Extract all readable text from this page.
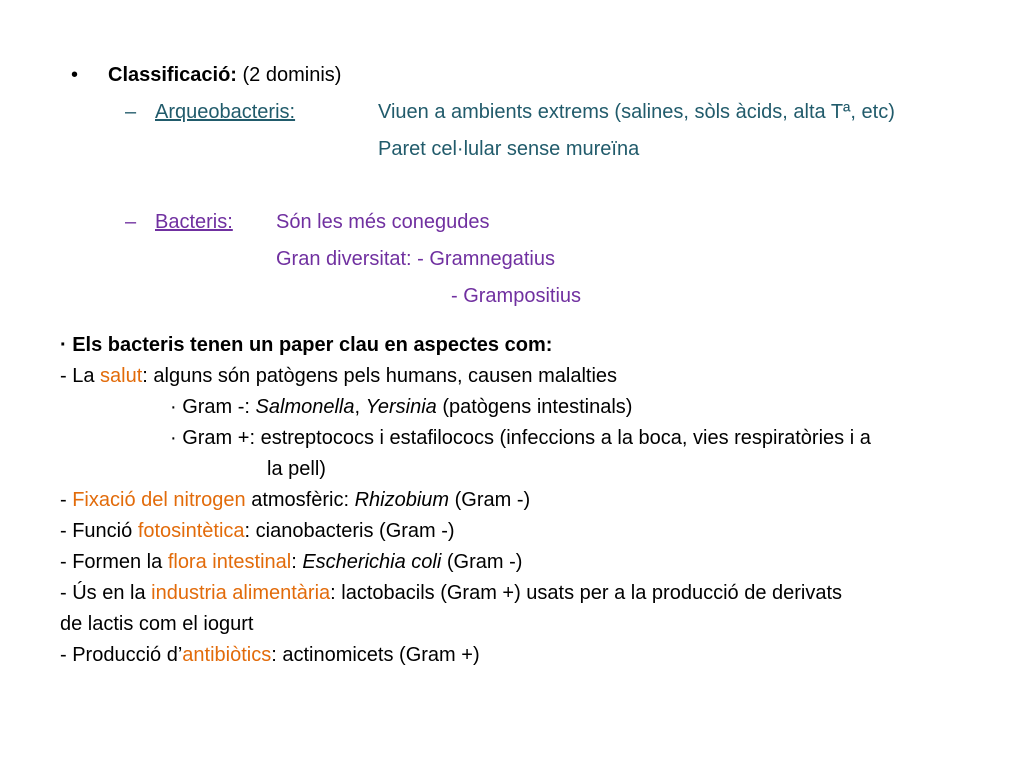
• Classificació: (2 dominis)
– Arqueobacteris:	Viuen a ambients extrems (salines, sòls àcids, alta Tª, etc)
Paret cel·lular sense mureïna
– Bacteris: Són les més conegudes
Gran diversitat: - Gramnegatius
- Grampositius
· Els bacteris tenen un paper clau en aspectes com:
- La salut: alguns són patògens pels humans, causen malalties
· Gram -: Salmonella, Yersinia (patògens intestinals)
· Gram +: estreptococs i estafilococs (infeccions a la boca, vies respiratòries i a
la pell)
- Fixació del nitrogen atmosfèric: Rhizobium (Gram -)
- Funció fotosintètica: cianobacteris (Gram -)
- Formen la flora intestinal: Escherichia coli (Gram -)
- Ús en la industria alimentària: lactobacils (Gram +) usats per a la producció de derivats
de lactis com el iogurt
- Producció d’antibiòtics: actinomicets (Gram +)
